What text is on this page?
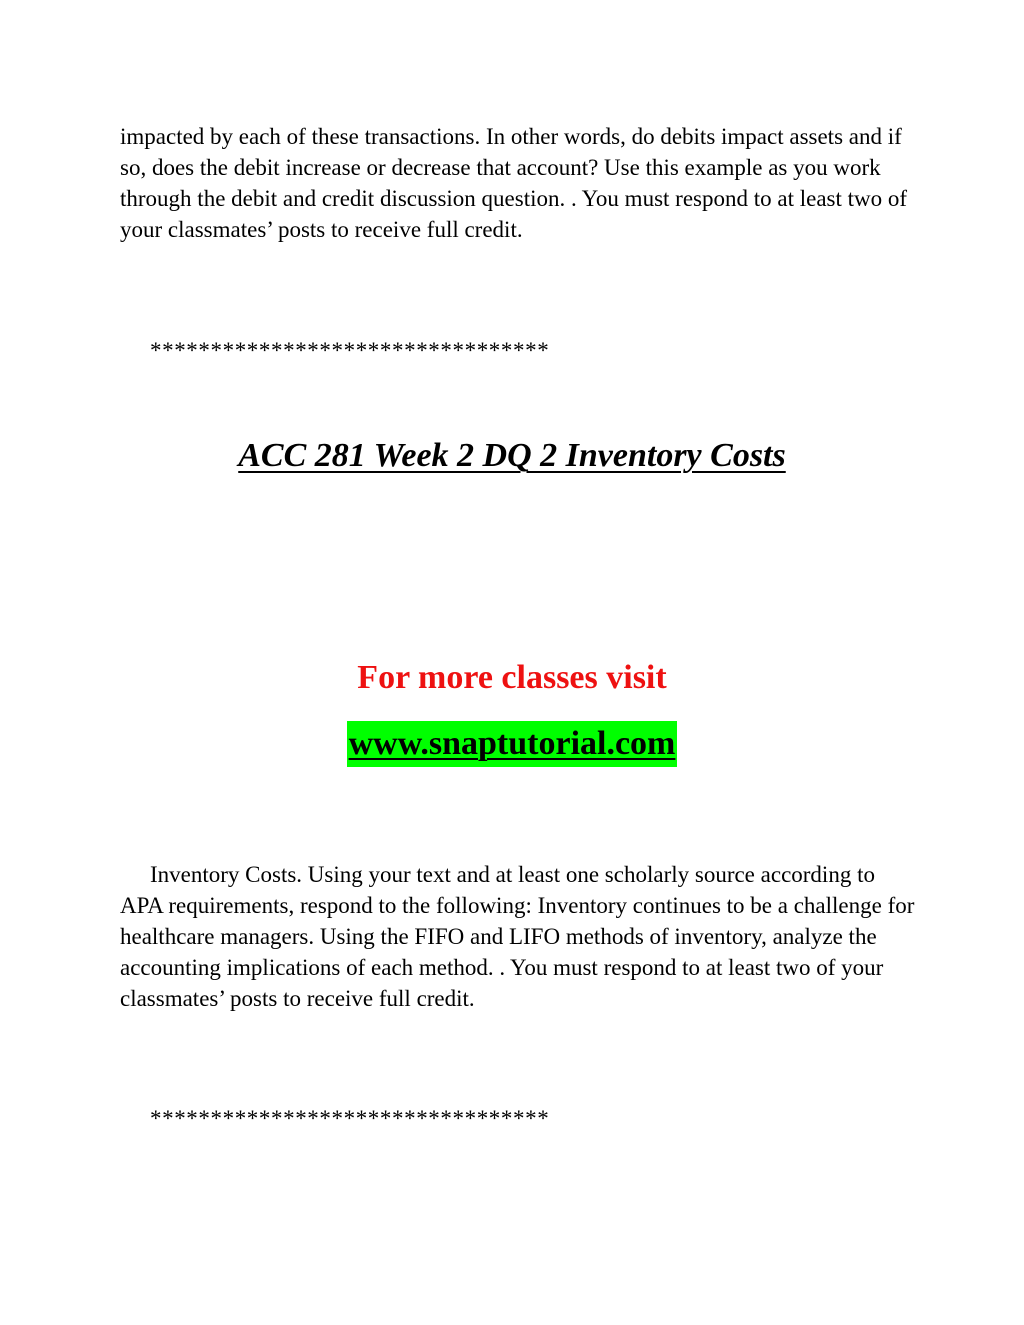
impacted by each of these transactions. In other words, do debits impact assets and if so, does the debit increase or decrease that account? Use this example as you work through the debit and credit discussion question. . You must respond to at least two of your classmates’ posts to receive full credit.

*********************************

ACC 281 Week 2 DQ 2 Inventory Costs

For more classes visit

www.snaptutorial.com

Inventory Costs. Using your text and at least one scholarly source according to APA requirements, respond to the following: Inventory continues to be a challenge for healthcare managers. Using the FIFO and LIFO methods of inventory, analyze the accounting implications of each method. . You must respond to at least two of your classmates’ posts to receive full credit.

*********************************
